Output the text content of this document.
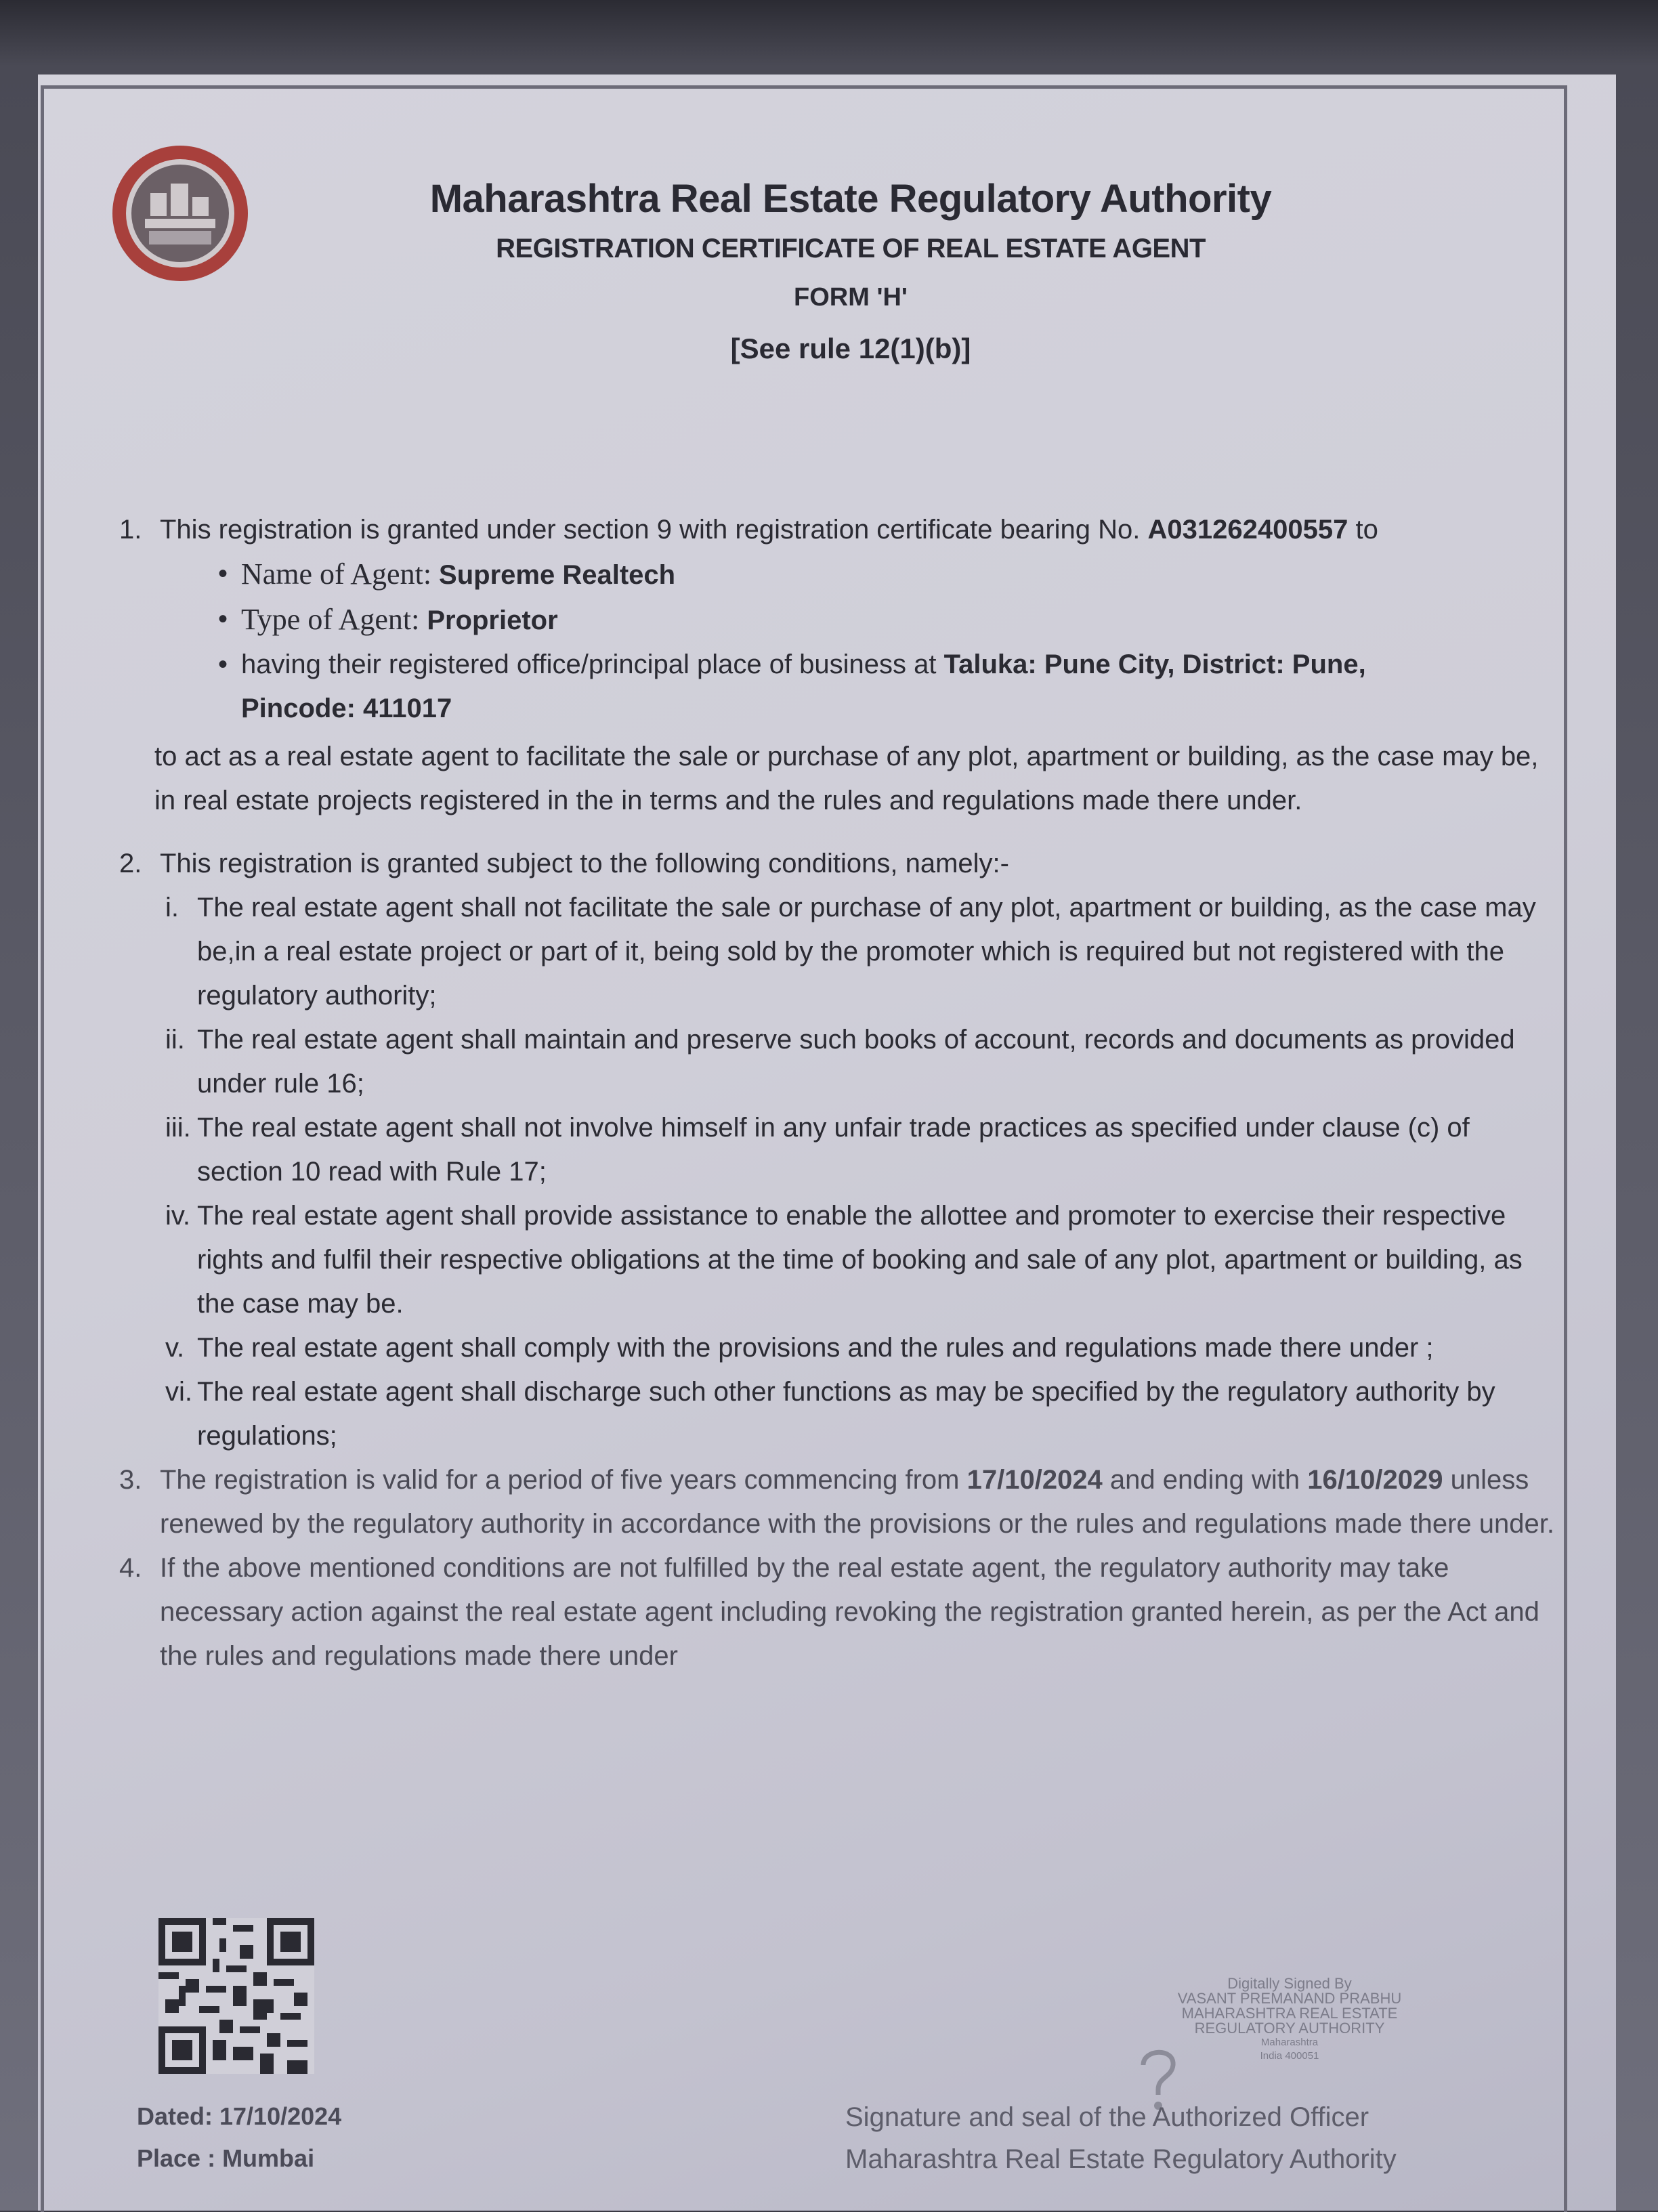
Maharashtra Real Estate Regulatory Authority
REGISTRATION CERTIFICATE OF REAL ESTATE AGENT
FORM 'H'
[See rule 12(1)(b)]
1. This registration is granted under section 9 with registration certificate bearing No. A031262400557 to
• Name of Agent: Supreme Realtech
• Type of Agent: Proprietor
• having their registered office/principal place of business at Taluka: Pune City, District: Pune,
Pincode: 411017
to act as a real estate agent to facilitate the sale or purchase of any plot, apartment or building, as the case may be, in real estate projects registered in the in terms and the rules and regulations made there under.
2. This registration is granted subject to the following conditions, namely:-
i. The real estate agent shall not facilitate the sale or purchase of any plot, apartment or building, as the case may be,in a real estate project or part of it, being sold by the promoter which is required but not registered with the regulatory authority;
ii. The real estate agent shall maintain and preserve such books of account, records and documents as provided under rule 16;
iii. The real estate agent shall not involve himself in any unfair trade practices as specified under clause (c) of section 10 read with Rule 17;
iv. The real estate agent shall provide assistance to enable the allottee and promoter to exercise their respective rights and fulfil their respective obligations at the time of booking and sale of any plot, apartment or building, as the case may be.
v. The real estate agent shall comply with the provisions and the rules and regulations made there under ;
vi. The real estate agent shall discharge such other functions as may be specified by the regulatory authority by regulations;
3. The registration is valid for a period of five years commencing from 17/10/2024 and ending with 16/10/2029 unless renewed by the regulatory authority in accordance with the provisions or the rules and regulations made there under.
4. If the above mentioned conditions are not fulfilled by the real estate agent, the regulatory authority may take necessary action against the real estate agent including revoking the registration granted herein, as per the Act and the rules and regulations made there under
Dated: 17/10/2024
Place : Mumbai
Digitally Signed By
VASANT PREMANAND PRABHU
MAHARASHTRA REAL ESTATE
REGULATORY AUTHORITY
Maharashtra
India 400051
Signature and seal of the Authorized Officer
Maharashtra Real Estate Regulatory Authority
